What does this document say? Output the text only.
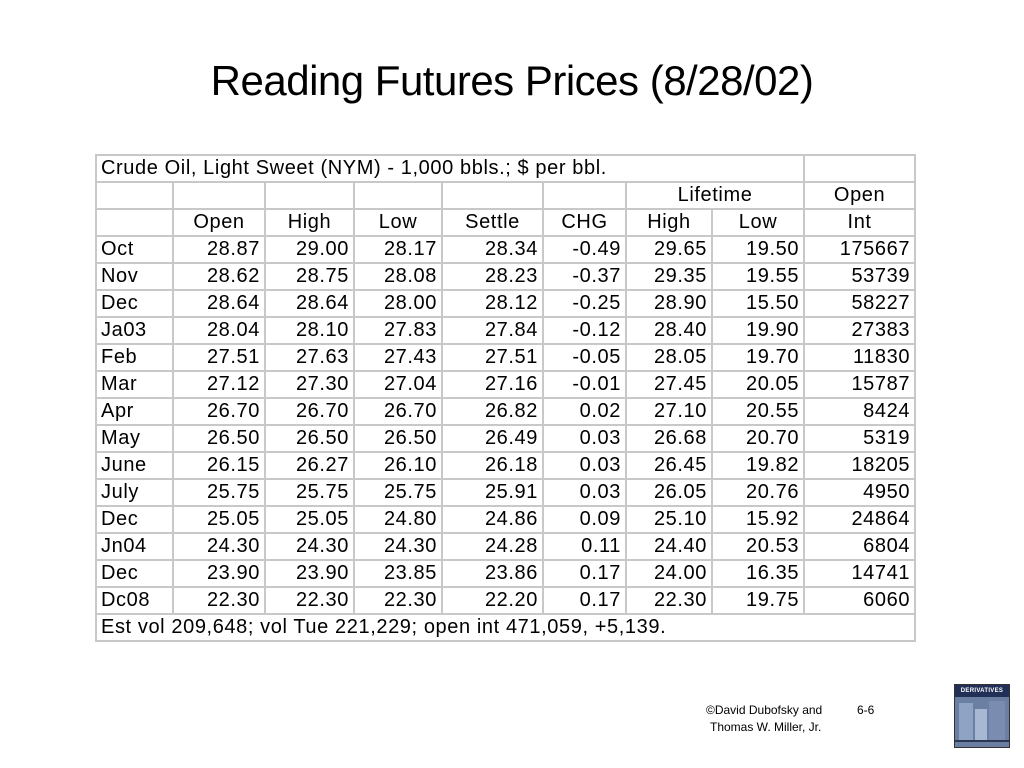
Reading Futures Prices (8/28/02)
Crude Oil, Light Sweet (NYM) - 1,000 bbls.; $ per bbl.								
						Lifetime		Open
	Open	High	Low	Settle	CHG	High	Low	Int
Oct	28.87	29.00	28.17	28.34	-0.49	29.65	19.50	175667
Nov	28.62	28.75	28.08	28.23	-0.37	29.35	19.55	53739
Dec	28.64	28.64	28.00	28.12	-0.25	28.90	15.50	58227
Ja03	28.04	28.10	27.83	27.84	-0.12	28.40	19.90	27383
Feb	27.51	27.63	27.43	27.51	-0.05	28.05	19.70	11830
Mar	27.12	27.30	27.04	27.16	-0.01	27.45	20.05	15787
Apr	26.70	26.70	26.70	26.82	0.02	27.10	20.55	8424
May	26.50	26.50	26.50	26.49	0.03	26.68	20.70	5319
June	26.15	26.27	26.10	26.18	0.03	26.45	19.82	18205
July	25.75	25.75	25.75	25.91	0.03	26.05	20.76	4950
Dec	25.05	25.05	24.80	24.86	0.09	25.10	15.92	24864
Jn04	24.30	24.30	24.30	24.28	0.11	24.40	20.53	6804
Dec	23.90	23.90	23.85	23.86	0.17	24.00	16.35	14741
Dc08	22.30	22.30	22.30	22.20	0.17	22.30	19.75	6060
Est vol 209,648; vol Tue 221,229; open int 471,059, +5,139.								
©David Dubofsky and
Thomas W. Miller, Jr.
6-6
DERIVATIVES
